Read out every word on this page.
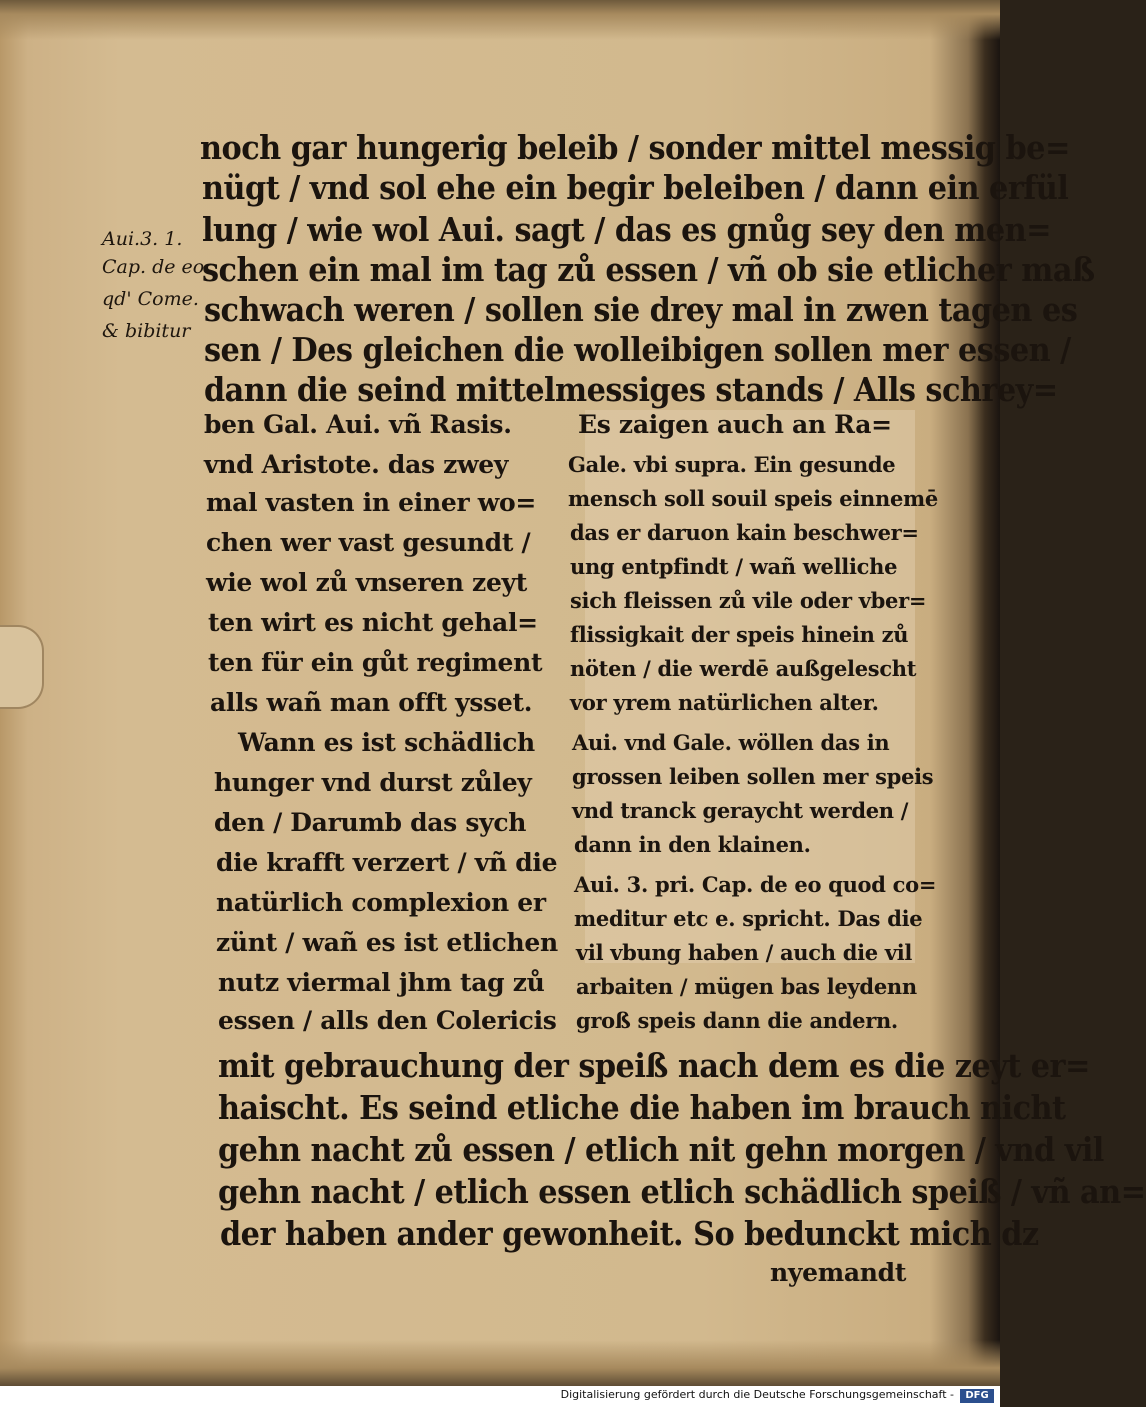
Aui.3. 1.
Cap. de eo
qd' Come.
& bibitur
noch gar hungerig beleib / sonder mittel messig be=
nügt / vnd sol ehe ein begir beleiben / dann ein erfül
lung / wie wol Aui. sagt / das es gnůg sey den men=
schen ein mal im tag zů essen / vñ ob sie etlicher maß
schwach weren / sollen sie drey mal in zwen tagen es
sen / Des gleichen die wolleibigen sollen mer essen /
dann die seind mittelmessiges stands / Alls schrey=
ben Gal. Aui. vñ Rasis.
vnd Aristote. das zwey
mal vasten in einer wo=
chen wer vast gesundt /
wie wol zů vnseren zeyt
ten wirt es nicht gehal=
ten für ein gůt regiment
alls wañ man offt ysset.
Wann es ist schädlich
hunger vnd durst zůley
den / Darumb das sych
die krafft verzert / vñ die
natürlich complexion er
zünt / wañ es ist etlichen
nutz viermal jhm tag zů
essen / alls den Colericis
Es zaigen auch an Ra=
Gale. vbi supra. Ein gesunde
mensch soll souil speis einnemē
das er daruon kain beschwer=
ung entpfindt / wañ welliche
sich fleissen zů vile oder vber=
flissigkait der speis hinein zů
nöten / die werdē außgelescht
vor yrem natürlichen alter.
Aui. vnd Gale. wöllen das in
grossen leiben sollen mer speis
vnd tranck geraycht werden /
dann in den klainen.
Aui. 3. pri. Cap. de eo quod co=
meditur etc e. spricht. Das die
vil vbung haben / auch die vil
arbaiten / mügen bas leydenn
groß speis dann die andern.
mit gebrauchung der speiß nach dem es die zeyt er=
haischt. Es seind etliche die haben im brauch nicht
gehn nacht zů essen / etlich nit gehn morgen / vnd vil
gehn nacht / etlich essen etlich schädlich speiß / vñ an=
der haben ander gewonheit. So bedunckt mich dz
nyemandt
Digitalisierung gefördert durch die Deutsche Forschungsgemeinschaft -	DFG
